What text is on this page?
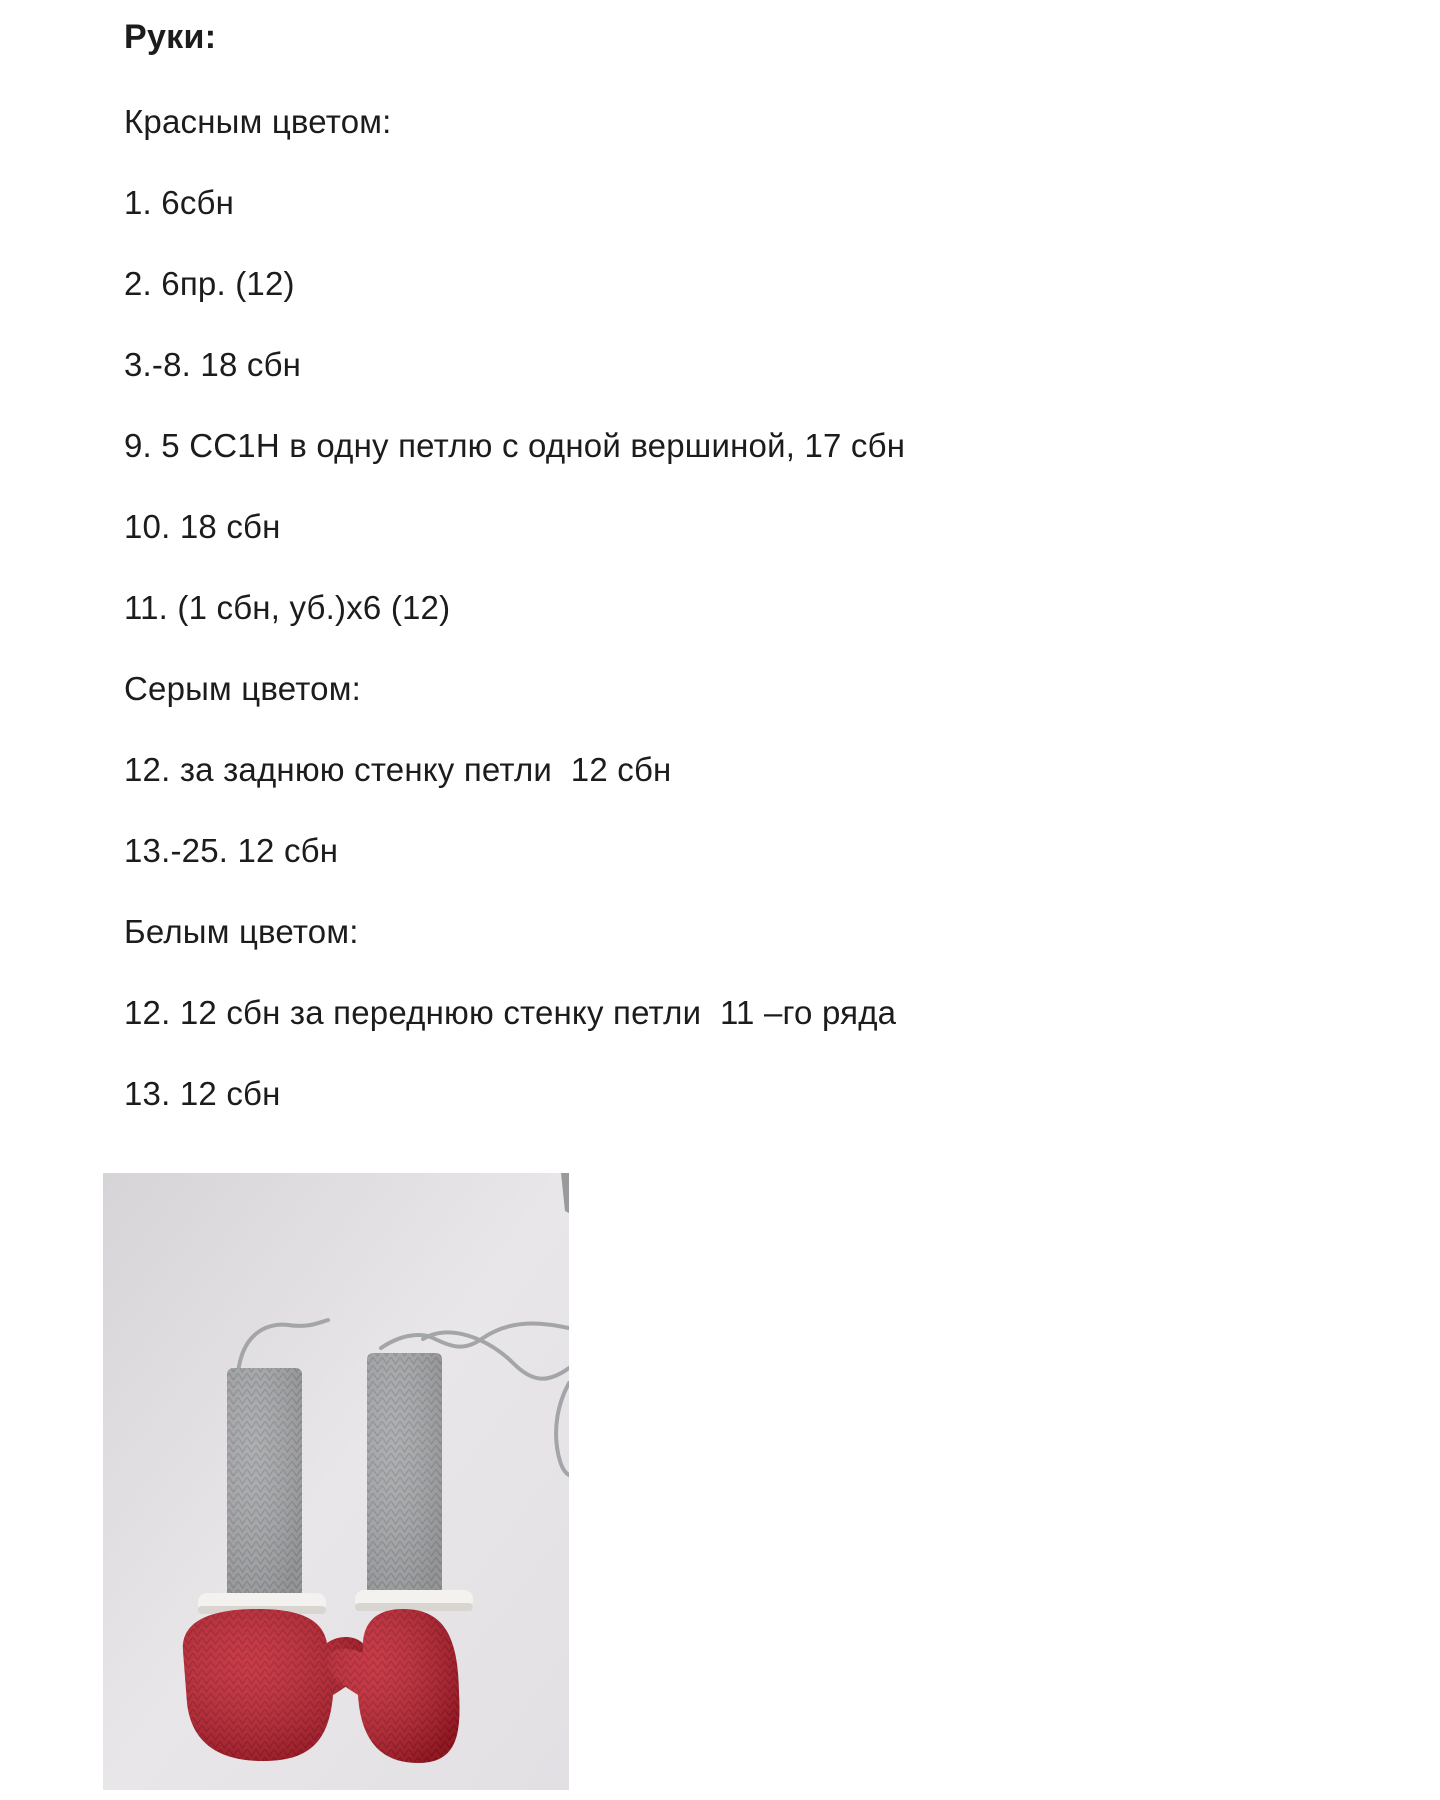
Руки:
Красным цветом:
1. 6сбн
2. 6пр. (12)
3.-8. 18 сбн
9. 5 СС1Н в одну петлю с одной вершиной, 17 сбн
10. 18 сбн
11. (1 сбн, уб.)х6 (12)
Серым цветом:
12. за заднюю стенку петли  12 сбн
13.-25. 12 сбн
Белым цветом:
12. 12 сбн за переднюю стенку петли  11 –го ряда
13. 12 сбн
